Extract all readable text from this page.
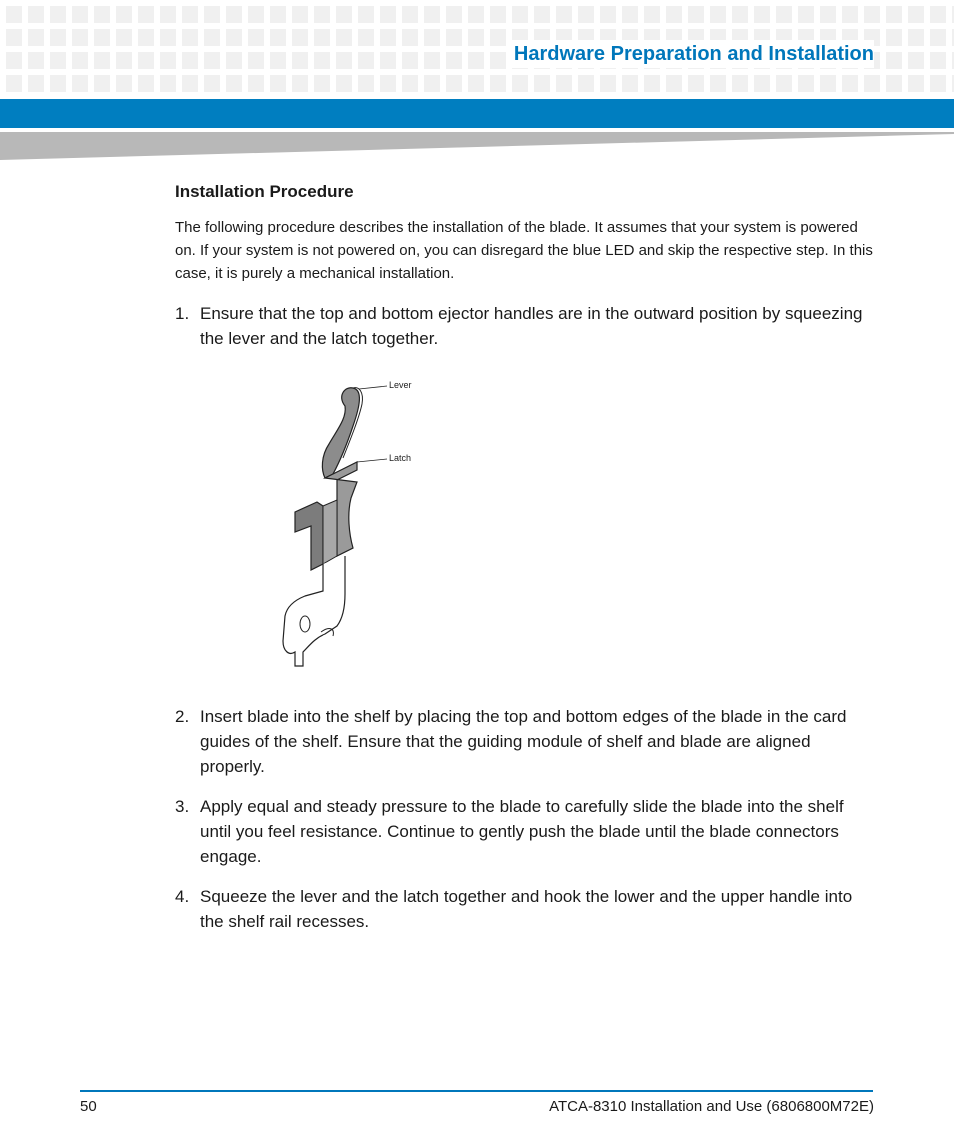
Hardware Preparation and Installation
Installation Procedure

The following procedure describes the installation of the blade. It assumes that your system is powered on. If your system is not powered on, you can disregard the blue LED and skip the respective step. In this case, it is purely a mechanical installation.

1. Ensure that the top and bottom ejector handles are in the outward position by squeezing the lever and the latch together.
Lever
Latch
2. Insert blade into the shelf by placing the top and bottom edges of the blade in the card guides of the shelf. Ensure that the guiding module of shelf and blade are aligned properly.
3. Apply equal and steady pressure to the blade to carefully slide the blade into the shelf until you feel resistance. Continue to gently push the blade until the blade connectors engage.
4. Squeeze the lever and the latch together and hook the lower and the upper handle into the shelf rail recesses.
50	ATCA-8310 Installation and Use (6806800M72E)
